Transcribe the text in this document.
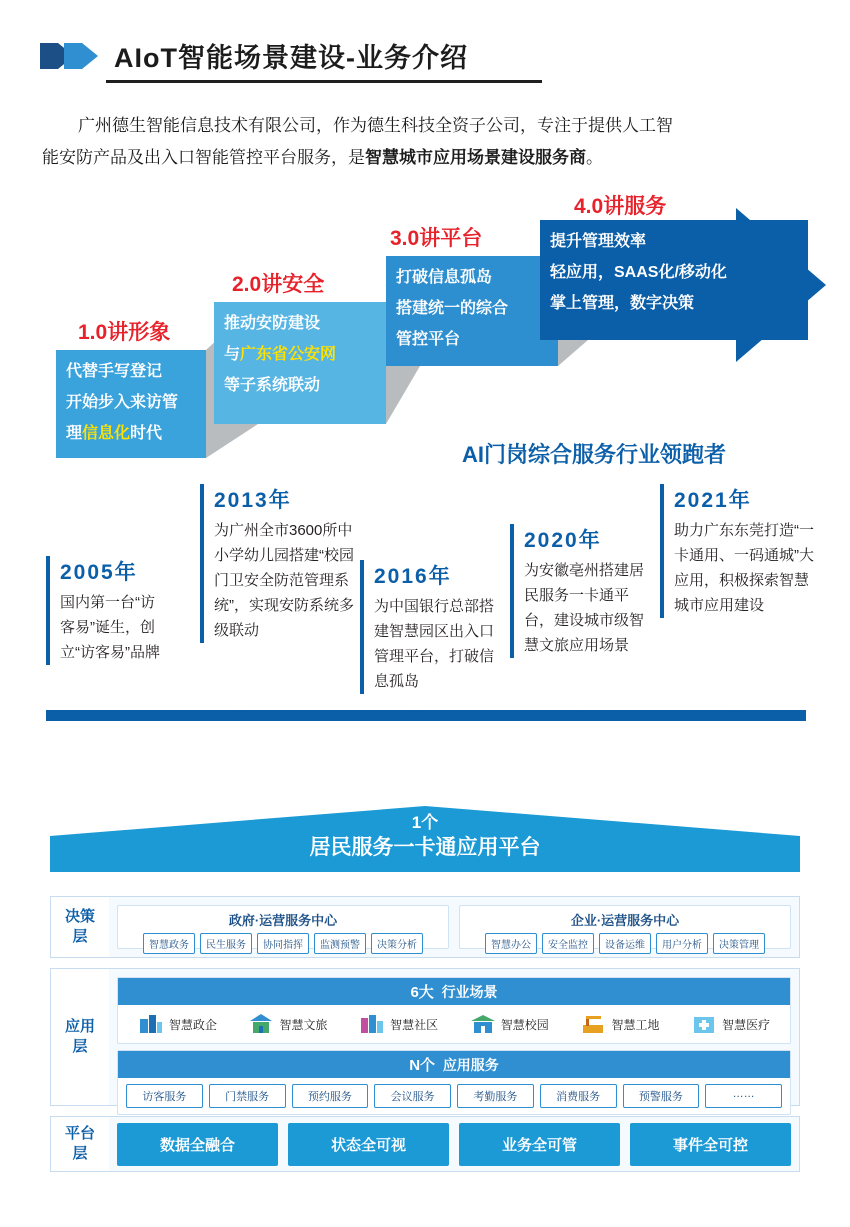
AIoT智能场景建设-业务介绍
广州德生智能信息技术有限公司，作为德生科技全资子公司，专注于提供人工智
能安防产品及出入口智能管控平台服务，是智慧城市应用场景建设服务商。
1.0讲形象
代替手写登记
开始步入来访管
理信息化时代
2.0讲安全
推动安防建设
与广东省公安网
等子系统联动
3.0讲平台
打破信息孤岛
搭建统一的综合
管控平台
4.0讲服务
提升管理效率
轻应用，SAAS化/移动化
掌上管理，数字决策
AI门岗综合服务行业领跑者
2005年
国内第一台“访客易”诞生，创立“访客易”品牌
2013年
为广州全市3600所中小学幼儿园搭建“校园门卫安全防范管理系统”，实现安防系统多级联动
2016年
为中国银行总部搭建智慧园区出入口管理平台，打破信息孤岛
2020年
为安徽亳州搭建居民服务一卡通平台，建设城市级智慧文旅应用场景
2021年
助力广东东莞打造“一卡通用、一码通城”大应用，积极探索智慧城市应用建设
⟶	⟶	⟶	⟶
1个
居民服务一卡通应用平台
决策
层
政府·运营服务中心
智慧政务	民生服务	协同指挥	监测预警	决策分析
企业·运营服务中心
智慧办公	安全监控	设备运维	用户分析	决策管理
应用
层
6大 行业场景
智慧政企	智慧文旅	智慧社区	智慧校园	智慧工地	智慧医疗
N个 应用服务
访客服务	门禁服务	预约服务	会议服务	考勤服务	消费服务	预警服务	……
平台
层	数据全融合	状态全可视	业务全可管	事件全可控
